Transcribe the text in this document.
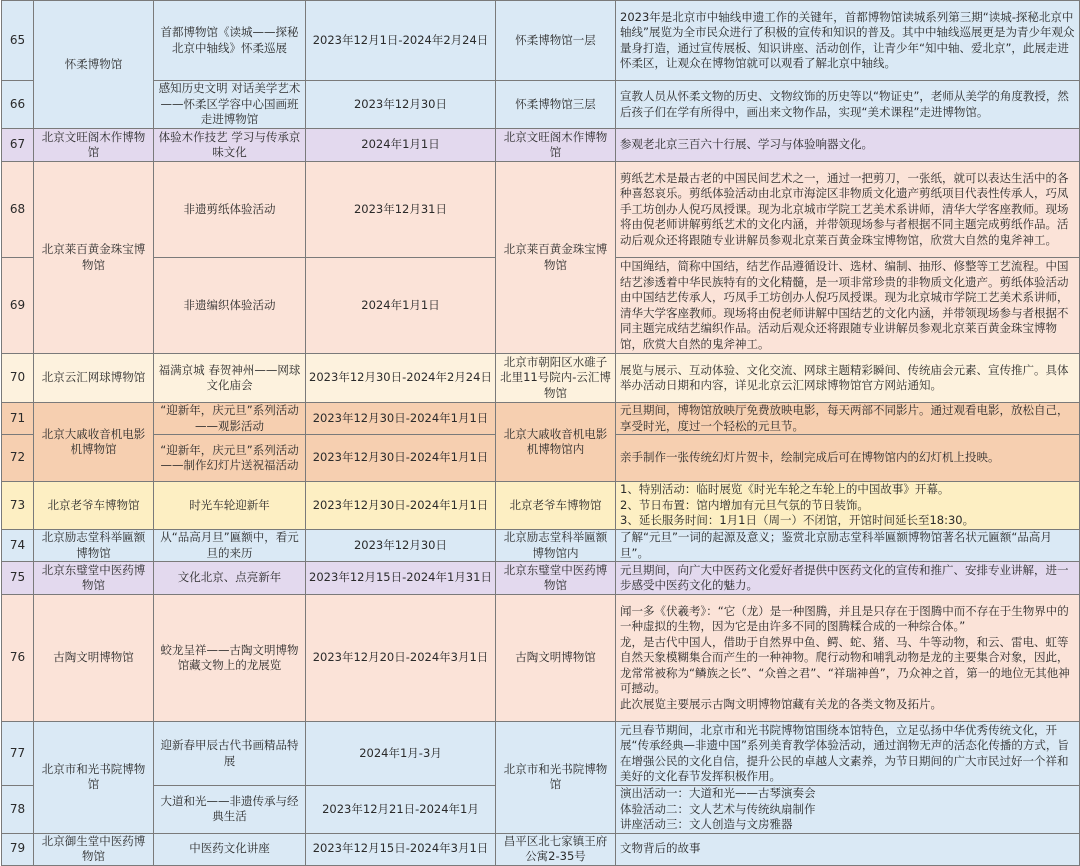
65	怀柔博物馆	首都博物馆《读城——探秘北京中轴线》怀柔巡展	2023年12月1日-2024年2月24日	怀柔博物馆一层	2023年是北京市中轴线申遗工作的关键年，首都博物馆读城系列第三期“读城-探秘北京中轴线”展览为全市民众进行了积极的宣传和知识的普及。其中中轴线巡展更是为青少年观众量身打造，通过宣传展板、知识讲座、活动创作，让青少年“知中轴、爱北京”，此展走进怀柔区，让观众在博物馆就可以观看了解北京中轴线。
66		感知历史文明 对话美学艺术——怀柔区学容中心国画班走进博物馆	2023年12月30日	怀柔博物馆三层	宣教人员从怀柔文物的历史、文物纹饰的历史等以“物证史”，老师从美学的角度教授，然后孩子们在学有所得中，画出来文物作品，实现“美术课程”走进博物馆。
67	北京文旺阁木作博物馆	体验木作技艺 学习与传承京味文化	2024年1月1日	北京文旺阁木作博物馆	参观老北京三百六十行展、学习与体验响器文化。
68	北京莱百黄金珠宝博物馆	非遗剪纸体验活动	2023年12月31日	北京莱百黄金珠宝博物馆	剪纸艺术是最古老的中国民间艺术之一，通过一把剪刀，一张纸，就可以表达生活中的各种喜怒哀乐。剪纸体验活动由北京市海淀区非物质文化遗产剪纸项目代表性传承人，巧凤手工坊创办人倪巧凤授课。现为北京城市学院工艺美术系讲师，清华大学客座教师。现场将由倪老师讲解剪纸艺术的文化内涵，并带领现场参与者根据不同主题完成剪纸作品。活动后观众还将跟随专业讲解员参观北京莱百黄金珠宝博物馆，欣赏大自然的鬼斧神工。
69		非遗编织体验活动	2024年1月1日		中国绳结，简称中国结，结艺作品遵循设计、选材、编制、抽形、修整等工艺流程。中国结艺渗透着中华民族特有的文化精髓，是一项非常珍贵的非物质文化遗产。剪纸体验活动由中国结艺传承人，巧凤手工坊创办人倪巧凤授课。现为北京城市学院工艺美术系讲师，清华大学客座教师。现场将由倪老师讲解中国结艺的文化内涵，并带领现场参与者根据不同主题完成结艺编织作品。活动后观众还将跟随专业讲解员参观北京莱百黄金珠宝博物馆，欣赏大自然的鬼斧神工。
70	北京云汇网球博物馆	福满京城 春贺神州——网球文化庙会	2023年12月30日-2024年2月24日	北京市朝阳区水碓子北里11号院内-云汇博物馆	展览与展示、互动体验、文化交流、网球主题精彩瞬间、传统庙会元素、宣传推广。具体举办活动日期和内容，详见北京云汇网球博物馆官方网站通知。
71	北京大戚收音机电影机博物馆	“迎新年，庆元旦”系列活动——观影活动	2023年12月30日-2024年1月1日	北京大戚收音机电影机博物馆内	元旦期间，博物馆放映厅免费放映电影，每天两部不同影片。通过观看电影，放松自己，享受时光，度过一个轻松的元旦节。
72		“迎新年，庆元旦”系列活动——制作幻灯片送祝福活动	2023年12月30日-2024年1月1日		亲手制作一张传统幻灯片贺卡，绘制完成后可在博物馆内的幻灯机上投映。
73	北京老爷车博物馆	时光车轮迎新年	2023年12月30日-2024年1月1日	北京老爷车博物馆	1、特别活动：临时展览《时光车轮之车轮上的中国故事》开幕。
2、节日布置：馆内增加有元旦气氛的节日装饰。
3、延长服务时间：1月1日（周一）不闭馆，开馆时间延长至18:30。

74	北京励志堂科举匾额博物馆	从“品高月旦”匾额中，看元旦的来历	2023年12月30日	北京励志堂科举匾额博物馆内	了解“元旦”一词的起源及意义；鉴赏北京励志堂科举匾额博物馆著名状元匾额“品高月旦”。
75	北京东璧堂中医药博物馆	文化北京、点亮新年	2023年12月15日-2024年1月31日	北京东璧堂中医药博物馆	元旦期间，向广大中医药文化爱好者提供中医药文化的宣传和推广、安排专业讲解，进一步感受中医药文化的魅力。
76	古陶文明博物馆	蛟龙呈祥——古陶文明博物馆藏文物上的龙展览	2023年12月20日-2024年3月1日	古陶文明博物馆	闻一多《伏羲考》：“它（龙）是一种图腾，并且是只存在于图腾中而不存在于生物界中的一种虚拟的生物，因为它是由许多不同的图腾糅合成的一种综合体。”
龙，是古代中国人，借助于自然界中鱼、鳄、蛇、猪、马、牛等动物，和云、雷电、虹等自然天象模糊集合而产生的一种神物。爬行动物和哺乳动物是龙的主要集合对象，因此，龙常常被称为“鳞族之长”、“众兽之君”、“祥瑞神兽”，乃众神之首，第一的地位无其他神可撼动。
此次展览主要展示古陶文明博物馆藏有关龙的各类文物及拓片。

77	北京市和光书院博物馆	迎新春甲辰古代书画精品特展	2024年1月-3月	北京市和光书院博物馆	元旦春节期间，北京市和光书院博物馆围绕本馆特色，立足弘扬中华优秀传统文化，开展“传承经典—非遗中国”系列美育教学体验活动，通过润物无声的活态化传播的方式，旨在增强公民的文化自信，提升公民的卓越人文素养，为节日期间的广大市民过好一个祥和美好的文化春节发挥积极作用。
78		大道和光——非遗传承与经典生活	2023年12月21日-2024年1月		演出活动一：大道和光——古琴演奏会
体验活动二：文人艺术与传统纨扇制作
讲座活动三：文人创造与文房雅器

79	北京御生堂中医药博物馆	中医药文化讲座	2023年12月15日-2024年3月1日	昌平区北七家镇王府公寓2-35号	文物背后的故事
